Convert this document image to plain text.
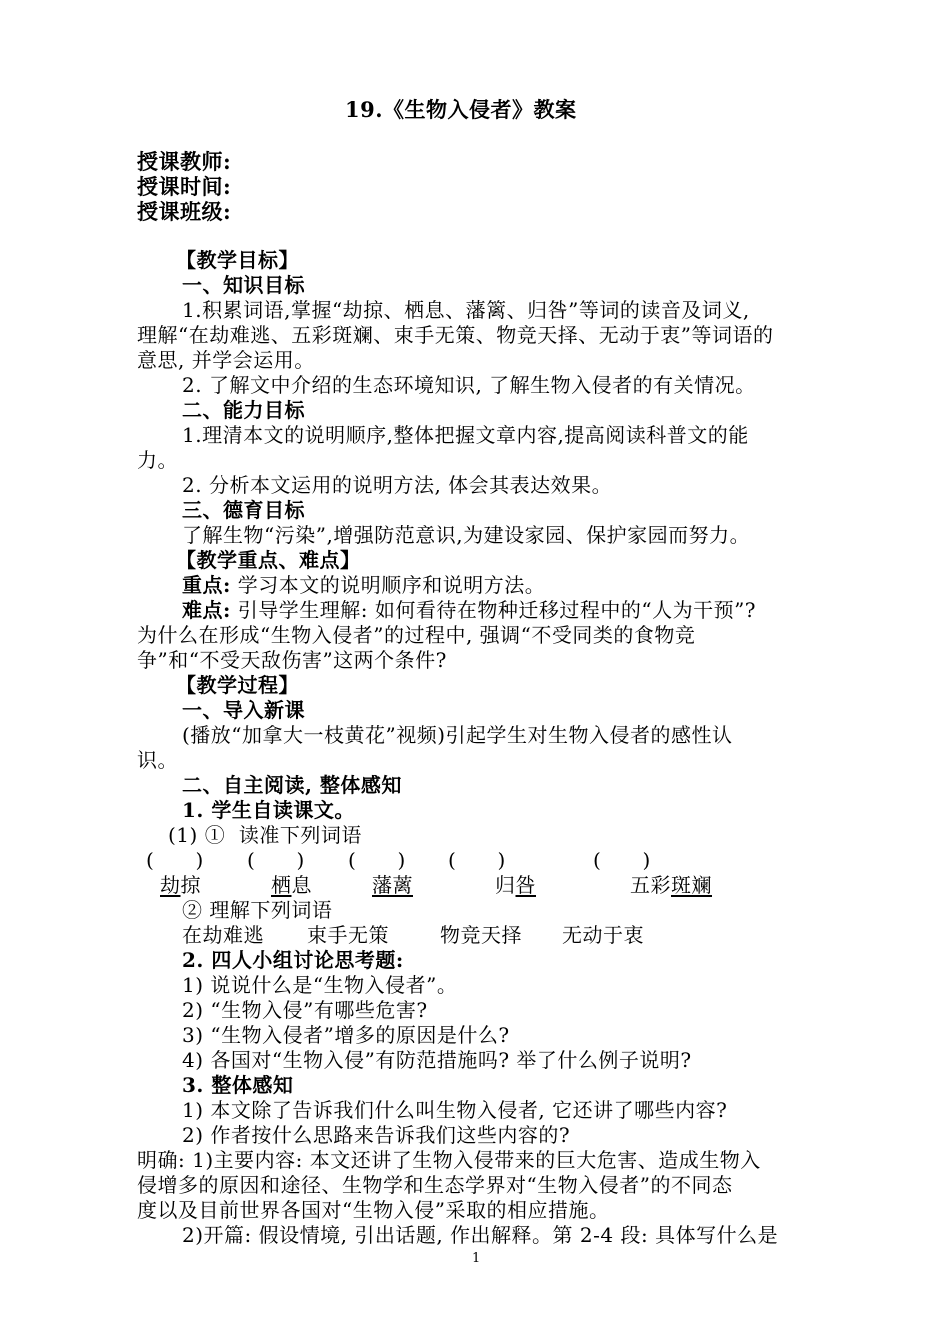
19.《生物入侵者》教案
授课教师:
授课时间:
授课班级:
【教学目标】
一、知识目标
1.积累词语,掌握“劫掠、栖息、藩篱、归咎”等词的读音及词义,
理解“在劫难逃、五彩斑斓、束手无策、物竞天择、无动于衷”等词语的
意思, 并学会运用。
2. 了解文中介绍的生态环境知识, 了解生物入侵者的有关情况。
二、能力目标
1.理清本文的说明顺序,整体把握文章内容,提高阅读科普文的能
力。
2. 分析本文运用的说明方法, 体会其表达效果。
三、德育目标
了解生物“污染”,增强防范意识,为建设家园、保护家园而努力。
【教学重点、难点】
重点: 学习本文的说明顺序和说明方法。
难点: 引导学生理解: 如何看待在物种迁移过程中的“人为干预”?
为什么在形成“生物入侵者”的过程中, 强调“不受同类的食物竞
争”和“不受天敌伤害”这两个条件?
【教学过程】
一、导入新课
(播放“加拿大一枝黄花”视频)引起学生对生物入侵者的感性认
识。
二、自主阅读, 整体感知
1. 学生自读课文。
(1) ①  读准下列词语
(      ) (      ) (      ) (      )	(      )
劫掠	栖息	藩蓠	归咎	五彩斑斓
② 理解下列词语
在劫难逃 束手无策	物竞天择 无动于衷
2. 四人小组讨论思考题:
1) 说说什么是“生物入侵者”。
2) “生物入侵”有哪些危害?
3) “生物入侵者”增多的原因是什么?
4) 各国对“生物入侵”有防范措施吗? 举了什么例子说明?
3. 整体感知
1) 本文除了告诉我们什么叫生物入侵者, 它还讲了哪些内容?
2) 作者按什么思路来告诉我们这些内容的?
明确: 1)主要内容: 本文还讲了生物入侵带来的巨大危害、造成生物入
侵增多的原因和途径、生物学和生态学界对“生物入侵者”的不同态
度以及目前世界各国对“生物入侵”采取的相应措施。
2)开篇: 假设情境, 引出话题, 作出解释。第 2-4 段: 具体写什么是
1
